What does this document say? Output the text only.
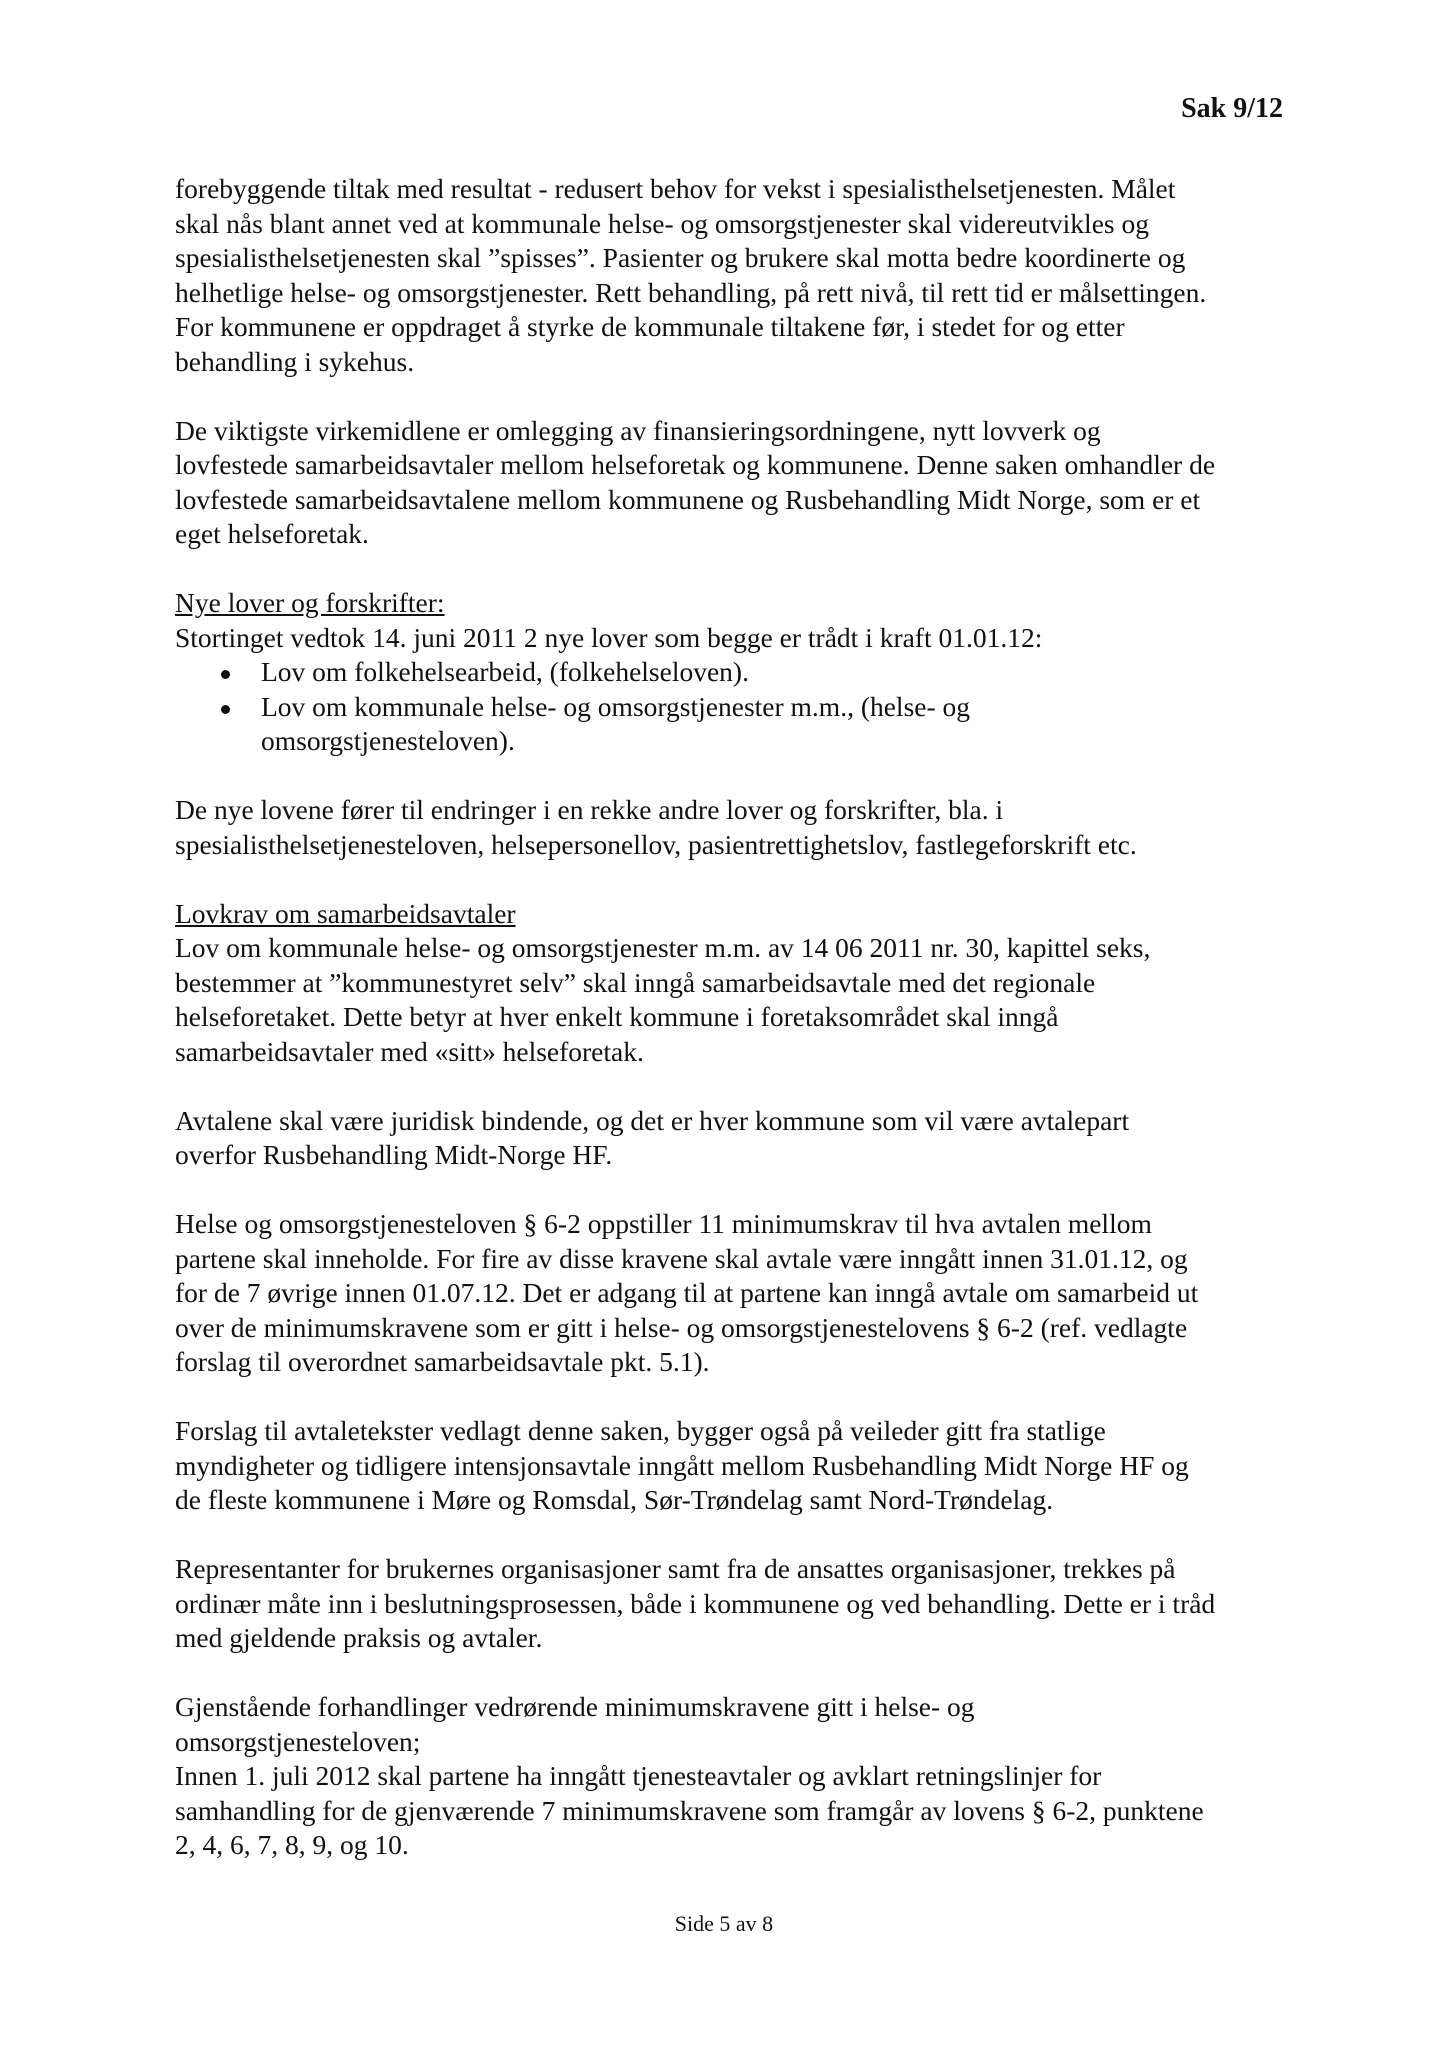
Sak 9/12
forebyggende tiltak med resultat - redusert behov for vekst i spesialisthelsetjenesten. Målet
skal nås blant annet ved at kommunale helse- og omsorgstjenester skal videreutvikles og
spesialisthelsetjenesten skal ”spisses”. Pasienter og brukere skal motta bedre koordinerte og
helhetlige helse- og omsorgstjenester. Rett behandling, på rett nivå, til rett tid er målsettingen.
For kommunene er oppdraget å styrke de kommunale tiltakene før, i stedet for og etter
behandling i sykehus.
De viktigste virkemidlene er omlegging av finansieringsordningene, nytt lovverk og
lovfestede samarbeidsavtaler mellom helseforetak og kommunene. Denne saken omhandler de
lovfestede samarbeidsavtalene mellom kommunene og Rusbehandling Midt Norge, som er et
eget helseforetak.
Nye lover og forskrifter:
Stortinget vedtok 14. juni 2011 2 nye lover som begge er trådt i kraft 01.01.12:
Lov om folkehelsearbeid, (folkehelseloven).
Lov om kommunale helse- og omsorgstjenester m.m., (helse- og
omsorgstjenesteloven).
De nye lovene fører til endringer i en rekke andre lover og forskrifter, bla. i
spesialisthelsetjenesteloven, helsepersonellov, pasientrettighetslov, fastlegeforskrift etc.
Lovkrav om samarbeidsavtaler
Lov om kommunale helse- og omsorgstjenester m.m. av 14 06 2011 nr. 30, kapittel seks,
bestemmer at ”kommunestyret selv” skal inngå samarbeidsavtale med det regionale
helseforetaket. Dette betyr at hver enkelt kommune i foretaksområdet skal inngå
samarbeidsavtaler med «sitt» helseforetak.
Avtalene skal være juridisk bindende, og det er hver kommune som vil være avtalepart
overfor Rusbehandling Midt-Norge HF.
Helse og omsorgstjenesteloven § 6-2 oppstiller 11 minimumskrav til hva avtalen mellom
partene skal inneholde. For fire av disse kravene skal avtale være inngått innen 31.01.12, og
for de 7 øvrige innen 01.07.12. Det er adgang til at partene kan inngå avtale om samarbeid ut
over de minimumskravene som er gitt i helse- og omsorgstjenestelovens § 6-2 (ref. vedlagte
forslag til overordnet samarbeidsavtale pkt. 5.1).
Forslag til avtaletekster vedlagt denne saken, bygger også på veileder gitt fra statlige
myndigheter og tidligere intensjonsavtale inngått mellom Rusbehandling Midt Norge HF og
de fleste kommunene i Møre og Romsdal, Sør-Trøndelag samt Nord-Trøndelag.
Representanter for brukernes organisasjoner samt fra de ansattes organisasjoner, trekkes på
ordinær måte inn i beslutningsprosessen, både i kommunene og ved behandling. Dette er i tråd
med gjeldende praksis og avtaler.
Gjenstående forhandlinger vedrørende minimumskravene gitt i helse- og
omsorgstjenesteloven;
Innen 1. juli 2012 skal partene ha inngått tjenesteavtaler og avklart retningslinjer for
samhandling for de gjenværende 7 minimumskravene som framgår av lovens § 6-2, punktene
2, 4, 6, 7, 8, 9, og 10.
Side 5 av 8
